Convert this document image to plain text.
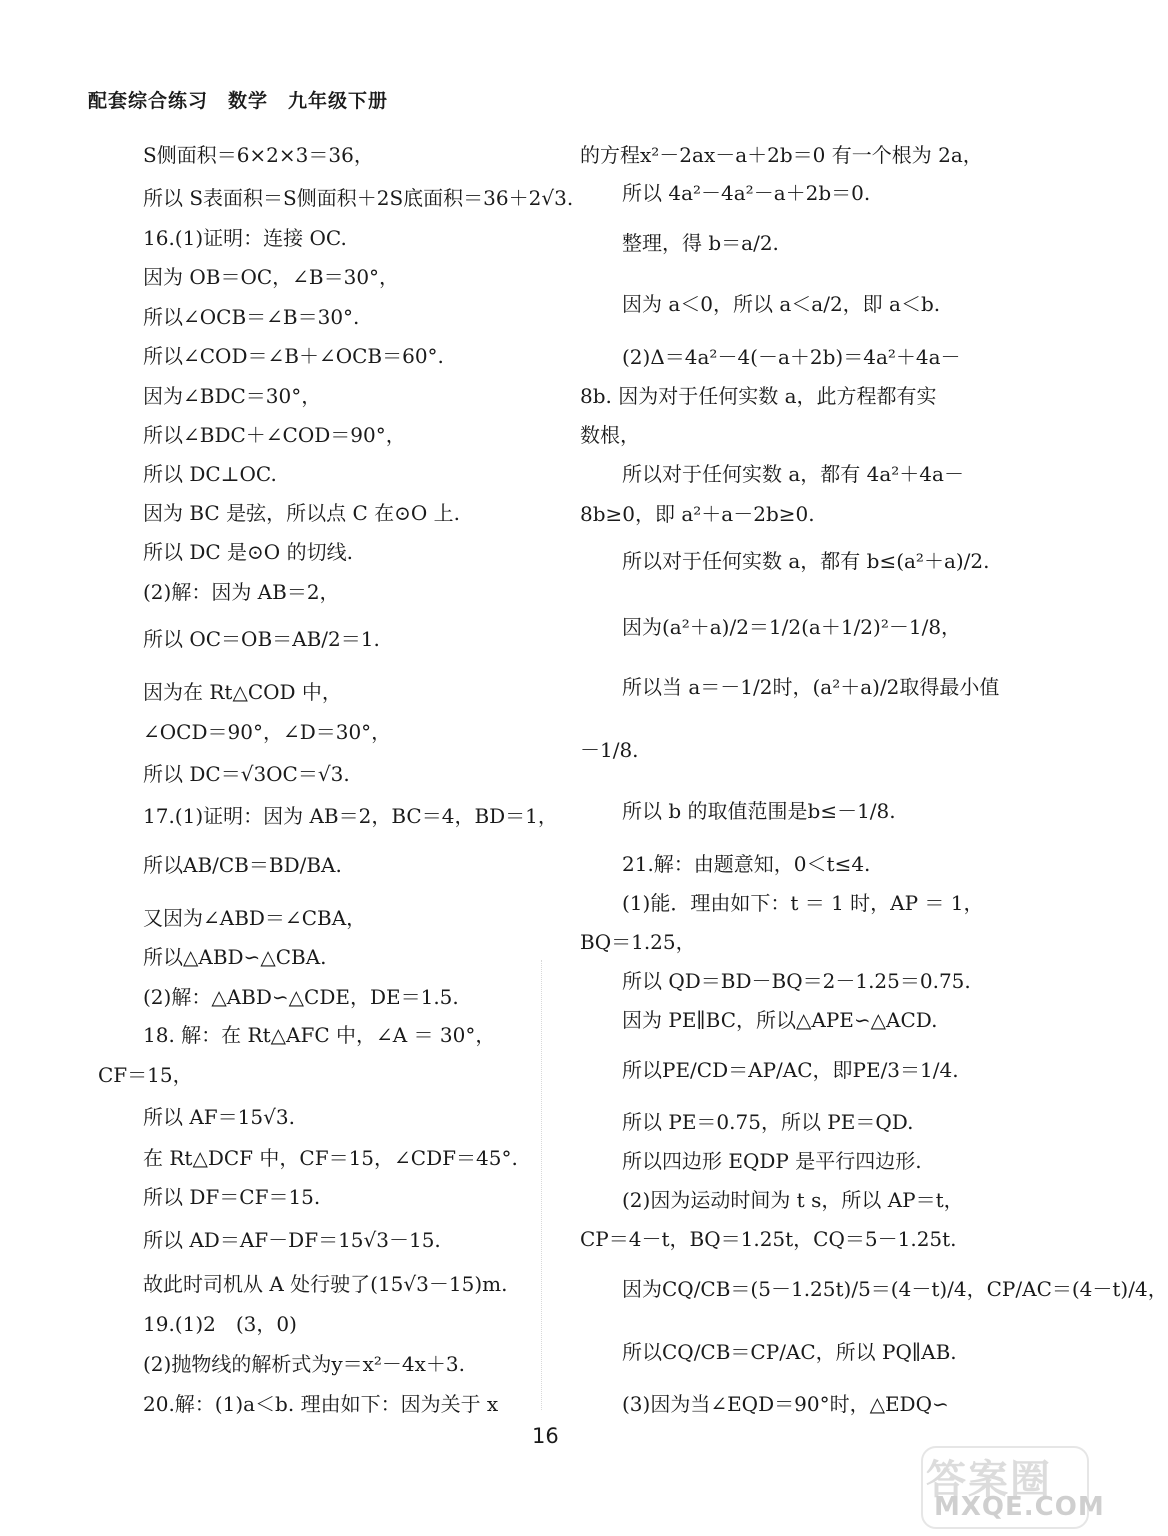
配套综合练习　数学　九年级下册
S侧面积＝6×2×3＝36，
所以 S表面积＝S侧面积＋2S底面积＝36＋2√3.
16.(1)证明：连接 OC.
因为 OB＝OC，∠B＝30°，
所以∠OCB＝∠B＝30°.
所以∠COD＝∠B＋∠OCB＝60°.
因为∠BDC＝30°，
所以∠BDC＋∠COD＝90°，
所以 DC⊥OC.
因为 BC 是弦，所以点 C 在⊙O 上.
所以 DC 是⊙O 的切线.
(2)解：因为 AB＝2，
所以 OC＝OB＝AB/2＝1.
因为在 Rt△COD 中，
∠OCD＝90°，∠D＝30°，
所以 DC＝√3OC＝√3.
17.(1)证明：因为 AB＝2，BC＝4，BD＝1，
所以AB/CB＝BD/BA.
又因为∠ABD＝∠CBA，
所以△ABD∽△CBA.
(2)解：△ABD∽△CDE，DE＝1.5.
18. 解：在 Rt△AFC 中，∠A ＝ 30°，
CF＝15，
所以 AF＝15√3.
在 Rt△DCF 中，CF＝15，∠CDF＝45°.
所以 DF＝CF＝15.
所以 AD＝AF－DF＝15√3－15.
故此时司机从 A 处行驶了(15√3－15)m.
19.(1)2　(3，0)
(2)抛物线的解析式为y＝x²－4x＋3.
20.解：(1)a＜b. 理由如下：因为关于 x
的方程x²－2ax－a＋2b＝0 有一个根为 2a，
所以 4a²－4a²－a＋2b＝0.
整理，得 b＝a/2.
因为 a＜0，所以 a＜a/2，即 a＜b.
(2)Δ＝4a²－4(－a＋2b)＝4a²＋4a－
8b. 因为对于任何实数 a，此方程都有实
数根，
所以对于任何实数 a，都有 4a²＋4a－
8b≥0，即 a²＋a－2b≥0.
所以对于任何实数 a，都有 b≤(a²＋a)/2.
因为(a²＋a)/2＝1/2(a＋1/2)²－1/8，
所以当 a＝－1/2时，(a²＋a)/2取得最小值
－1/8.
所以 b 的取值范围是b≤－1/8.
21.解：由题意知，0＜t≤4.
(1)能．理由如下：t ＝ 1 时，AP ＝ 1，
BQ＝1.25，
所以 QD＝BD－BQ＝2－1.25＝0.75.
因为 PE∥BC，所以△APE∽△ACD.
所以PE/CD＝AP/AC，即PE/3＝1/4.
所以 PE＝0.75，所以 PE＝QD.
所以四边形 EQDP 是平行四边形.
(2)因为运动时间为 t s，所以 AP＝t，
CP＝4－t，BQ＝1.25t，CQ＝5－1.25t.
因为CQ/CB＝(5－1.25t)/5＝(4－t)/4，CP/AC＝(4－t)/4，
所以CQ/CB＝CP/AC，所以 PQ∥AB.
(3)因为当∠EQD＝90°时，△EDQ∽
16
答案圈
MXQE.COM
